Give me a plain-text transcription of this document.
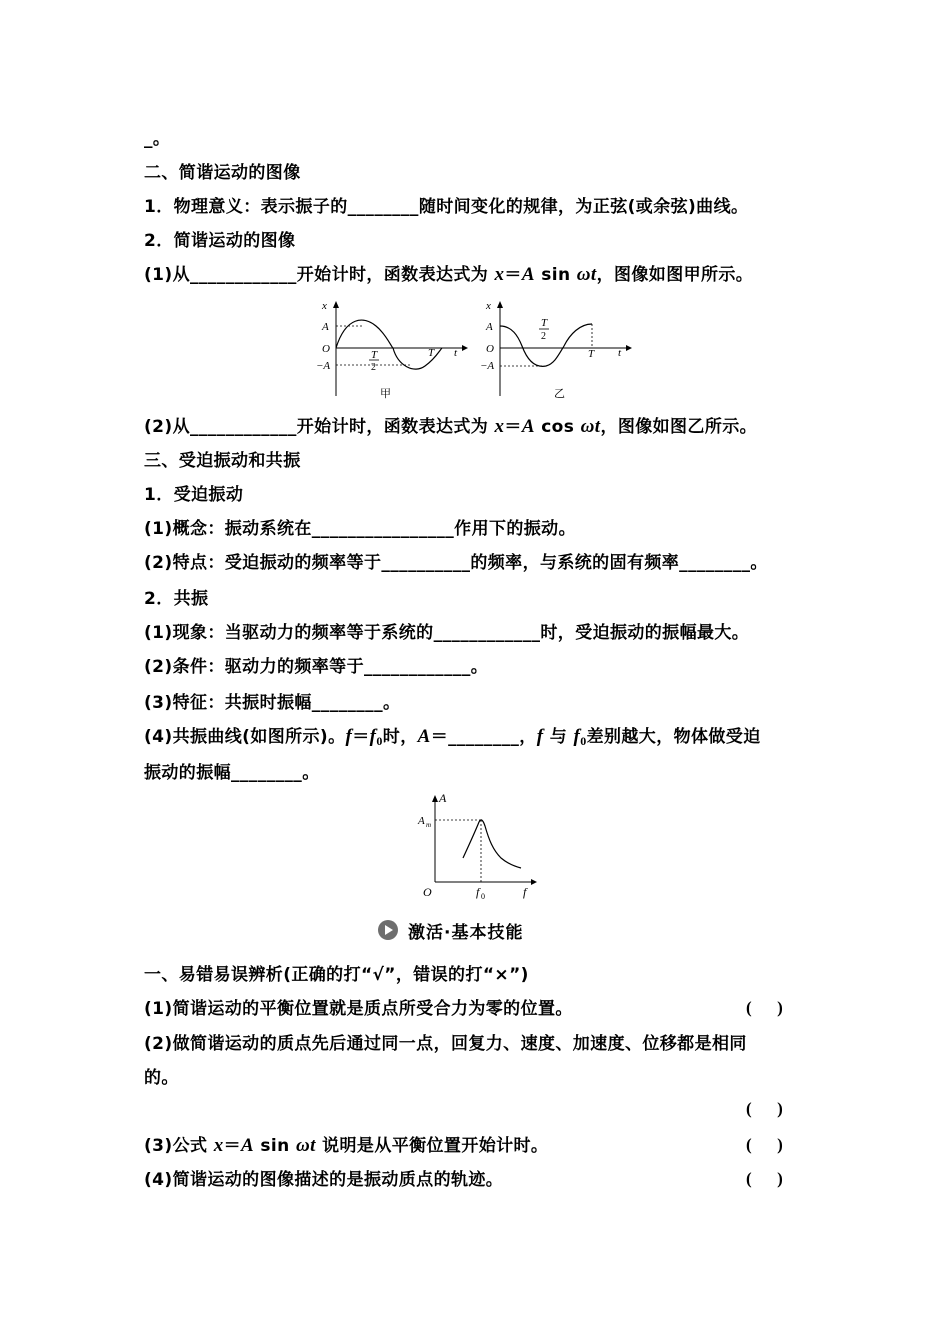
_。
二、简谐运动的图像
1．物理意义：表示振子的________随时间变化的规律，为正弦(或余弦)曲线。
2．简谐运动的图像
(1)从____________开始计时，函数表达式为 x＝A sin ωt，图像如图甲所示。
x
A
O
−A
T
2
T t
甲
x
A
O
−A
T
2
T t
乙
(2)从____________开始计时，函数表达式为 x＝A cos ωt，图像如图乙所示。
三、受迫振动和共振
1．受迫振动
(1)概念：振动系统在________________作用下的振动。
(2)特点：受迫振动的频率等于__________的频率，与系统的固有频率________。
2．共振
(1)现象：当驱动力的频率等于系统的____________时，受迫振动的振幅最大。
(2)条件：驱动力的频率等于____________。
(3)特征：共振时振幅________。
(4)共振曲线(如图所示)。$f=f_0$时，A＝________，f 与 $f_0$差别越大，物体做受迫
振动的振幅________。
A
A m
O	f 0	f
激活·基本技能
一、易错易误辨析(正确的打“√”，错误的打“×”)
(1)简谐运动的平衡位置就是质点所受合力为零的位置。	(      )
(2)做简谐运动的质点先后通过同一点，回复力、速度、加速度、位移都是相同
的。
(      )
(3)公式 x＝A sin ωt 说明是从平衡位置开始计时。	(      )
(4)简谐运动的图像描述的是振动质点的轨迹。	(      )
